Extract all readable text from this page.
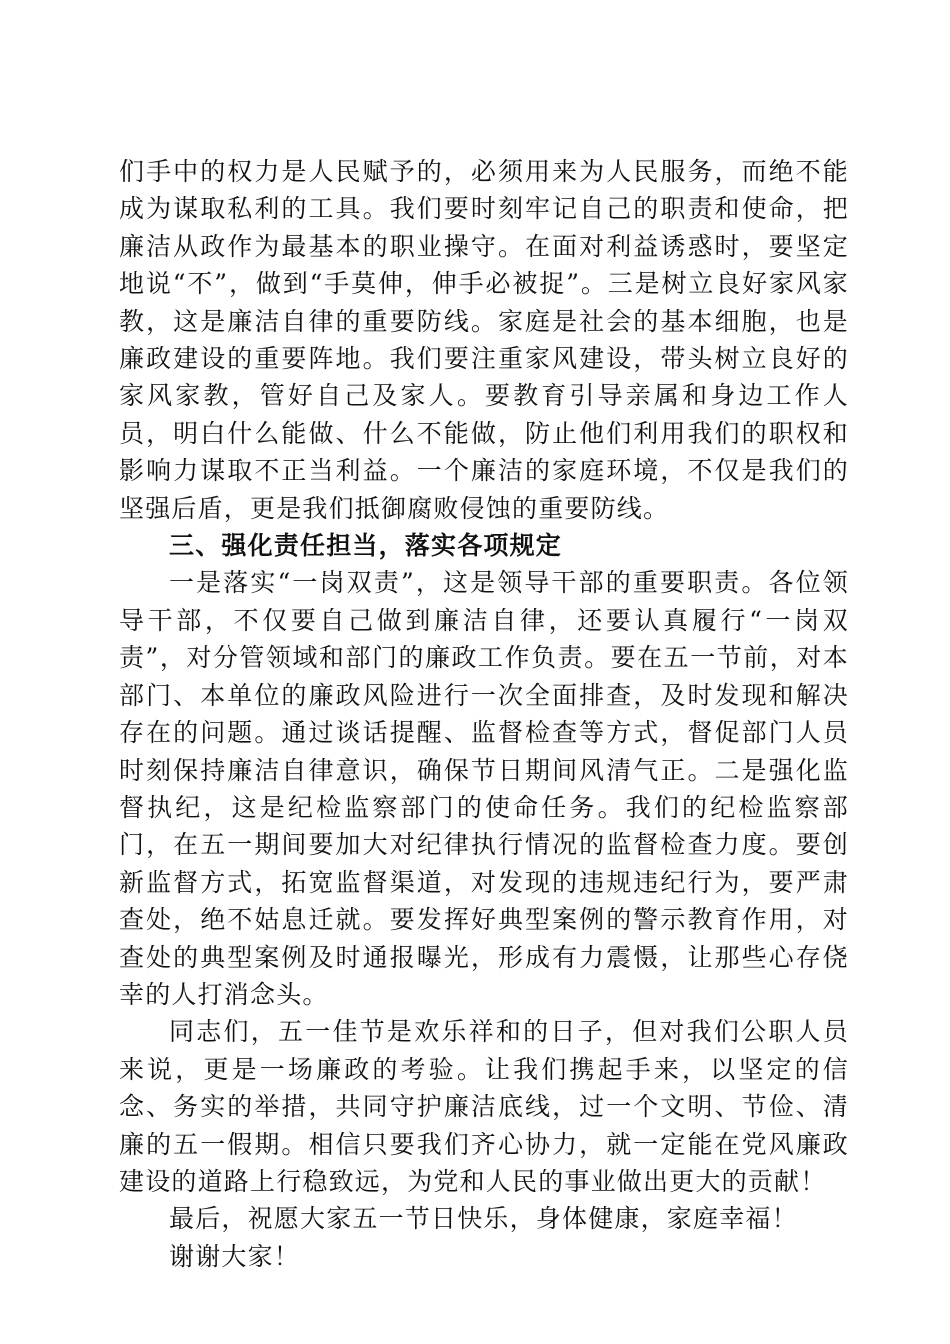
们手中的权力是人民赋予的，必须用来为人民服务，而绝不能成为谋取私利的工具。我们要时刻牢记自己的职责和使命，把廉洁从政作为最基本的职业操守。在面对利益诱惑时，要坚定地说“不”，做到“手莫伸，伸手必被捉”。三是树立良好家风家教，这是廉洁自律的重要防线。家庭是社会的基本细胞，也是廉政建设的重要阵地。我们要注重家风建设，带头树立良好的家风家教，管好自己及家人。要教育引导亲属和身边工作人员，明白什么能做、什么不能做，防止他们利用我们的职权和影响力谋取不正当利益。一个廉洁的家庭环境，不仅是我们的坚强后盾，更是我们抵御腐败侵蚀的重要防线。

三、强化责任担当，落实各项规定

一是落实“一岗双责”，这是领导干部的重要职责。各位领导干部，不仅要自己做到廉洁自律，还要认真履行“一岗双责”，对分管领域和部门的廉政工作负责。要在五一节前，对本部门、本单位的廉政风险进行一次全面排查，及时发现和解决存在的问题。通过谈话提醒、监督检查等方式，督促部门人员时刻保持廉洁自律意识，确保节日期间风清气正。二是强化监督执纪，这是纪检监察部门的使命任务。我们的纪检监察部门，在五一期间要加大对纪律执行情况的监督检查力度。要创新监督方式，拓宽监督渠道，对发现的违规违纪行为，要严肃查处，绝不姑息迁就。要发挥好典型案例的警示教育作用，对查处的典型案例及时通报曝光，形成有力震慑，让那些心存侥幸的人打消念头。

同志们，五一佳节是欢乐祥和的日子，但对我们公职人员来说，更是一场廉政的考验。让我们携起手来，以坚定的信念、务实的举措，共同守护廉洁底线，过一个文明、节俭、清廉的五一假期。相信只要我们齐心协力，就一定能在党风廉政建设的道路上行稳致远，为党和人民的事业做出更大的贡献！

最后，祝愿大家五一节日快乐，身体健康，家庭幸福！

谢谢大家！
